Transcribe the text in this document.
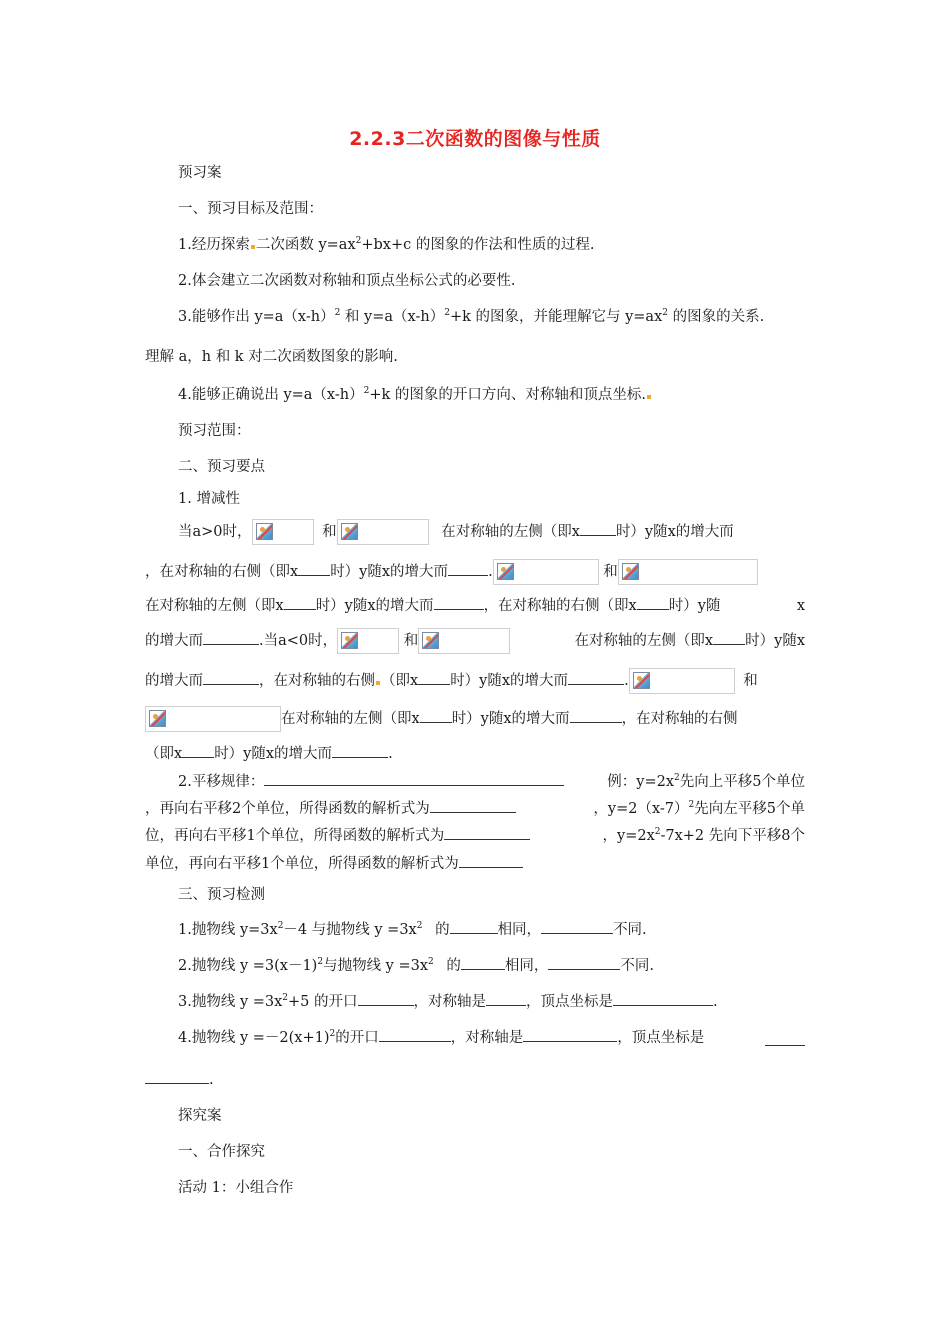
2.2.3二次函数的图像与性质
预习案
一、预习目标及范围：
1.经历探索 二次函数 $y=ax^2+bx+c$ 的图象的作法和性质的过程.
2.体会建立二次函数对称轴和顶点坐标公式的必要性.
3.能够作出 $y=a(x-h)^2$ 和 $y=a(x-h)^2+k$ 的图象，并能理解它与 $y=ax^2$ 的图象的关系.
理解 a，h 和 k 对二次函数图象的影响.
4.能够正确说出 $y=a(x-h)^2+k$ 的图象的开口方向、对称轴和顶点坐标.
预习范围：
二、预习要点
1. 增减性
当a>0时，	和	在对称轴的左侧（即x 时）y随x的增大而
，在对称轴的右侧（即x 时）y随x的增大而	.	和
在对称轴的左侧（即x 时）y随x的增大而	，在对称轴的右侧（即x 时）y随	x
的增大而	.当a<0时，	和	在对称轴的左侧（即x 时）y随x
的增大而	，在对称轴的右侧 （即x 时）y随x的增大而	.	和
在对称轴的左侧（即x 时）y随x的增大而	，在对称轴的右侧
（即x 时）y随x的增大而	.
2.平移规律：	例：$y=2x^2$先向上平移5个单位
，再向右平移2个单位，所得函数的解析式为	，$y=2(x-7)^2$先向左平移5个单
位，再向右平移1个单位，所得函数的解析式为	，$y=2x^2-7x+2$ 先向下平移8个
单位，再向右平移1个单位，所得函数的解析式为
三、预习检测
1.抛物线 $y=3x^2-4$ 与抛物线 $y =3x^2$ 的	相同，	不同.
2.抛物线 $y =3(x-1)^2$与抛物线 $y =3x^2$ 的	相同，	不同.
3.抛物线 $y =3x^2+5$ 的开口	，对称轴是	，顶点坐标是	.
4.抛物线 $y =-2(x+1)^2$的开口	，对称轴是	，顶点坐标是
.
探究案
一、合作探究
活动 1：小组合作
